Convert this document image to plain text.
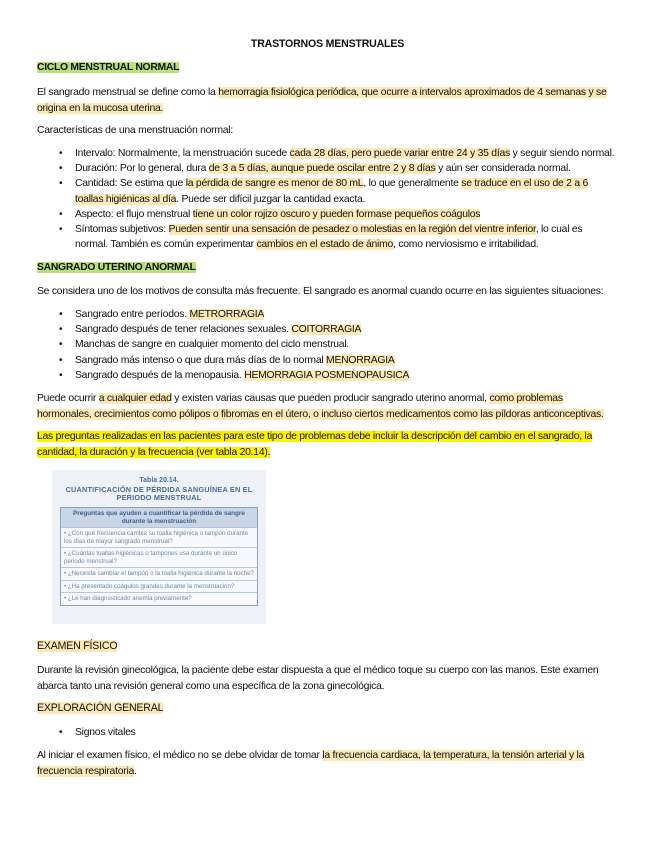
TRASTORNOS MENSTRUALES
CICLO MENSTRUAL NORMAL
El sangrado menstrual se define como la hemorragia fisiológica periódica, que ocurre a intervalos aproximados de 4 semanas y se origina en la mucosa uterina.
Características de una menstruación normal:
• Intervalo: Normalmente, la menstruación sucede cada 28 días, pero puede variar entre 24 y 35 días y seguir siendo normal.
• Duración: Por lo general, dura de 3 a 5 días, aunque puede oscilar entre 2 y 8 días y aún ser considerada normal.
• Cantidad: Se estima que la pérdida de sangre es menor de 80 mL, lo que generalmente se traduce en el uso de 2 a 6 toallas higiénicas al día. Puede ser difícil juzgar la cantidad exacta.
• Aspecto: el flujo menstrual tiene un color rojizo oscuro y pueden formase pequeños coágulos
• Síntomas subjetivos: Pueden sentir una sensación de pesadez o molestias en la región del vientre inferior, lo cual es normal. También es común experimentar cambios en el estado de ánimo, como nerviosismo e irritabilidad.
SANGRADO UTERINO ANORMAL
Se considera uno de los motivos de consulta más frecuente. El sangrado es anormal cuando ocurre en las siguientes situaciones:
• Sangrado entre períodos. METRORRAGIA
• Sangrado después de tener relaciones sexuales. COITORRAGIA
• Manchas de sangre en cualquier momento del ciclo menstrual.
• Sangrado más intenso o que dura más días de lo normal MENORRAGIA
• Sangrado después de la menopausia. HEMORRAGIA POSMENOPAUSICA
Puede ocurrir a cualquier edad y existen varias causas que pueden producir sangrado uterino anormal, como problemas hormonales, crecimientos como pólipos o fibromas en el útero, o incluso ciertos medicamentos como las píldoras anticonceptivas.
Las preguntas realizadas en las pacientes para este tipo de problemas debe incluir la descripción del cambio en el sangrado, la cantidad, la duración y la frecuencia (ver tabla 20.14).
Tabla 20.14.
CUANTIFICACIÓN DE PÉRDIDA SANGUÍNEA EN EL PERIODO MENSTRUAL
Preguntas que ayuden a cuantificar la pérdida de sangre durante la menstruación
• ¿Con qué frecuencia cambia su toalla higiénica o tampón durante los días de mayor sangrado menstrual?
• ¿Cuántas toallas higiénicas o tampones usa durante un único periodo menstrual?
• ¿Necesita cambiar el tampón o la toalla higiénica durante la noche?
• ¿Ha presentado coágulos grandes durante la menstruación?
• ¿Le han diagnosticado anemia previamente?
EXAMEN FÍSICO
Durante la revisión ginecológica, la paciente debe estar dispuesta a que el médico toque su cuerpo con las manos. Este examen abarca tanto una revisión general como una específica de la zona ginecológica.
EXPLORACIÓN GENERAL
• Signos vitales
Al iniciar el examen físico, el médico no se debe olvidar de tomar la frecuencia cardiaca, la temperatura, la tensión arterial y la frecuencia respiratoria.
